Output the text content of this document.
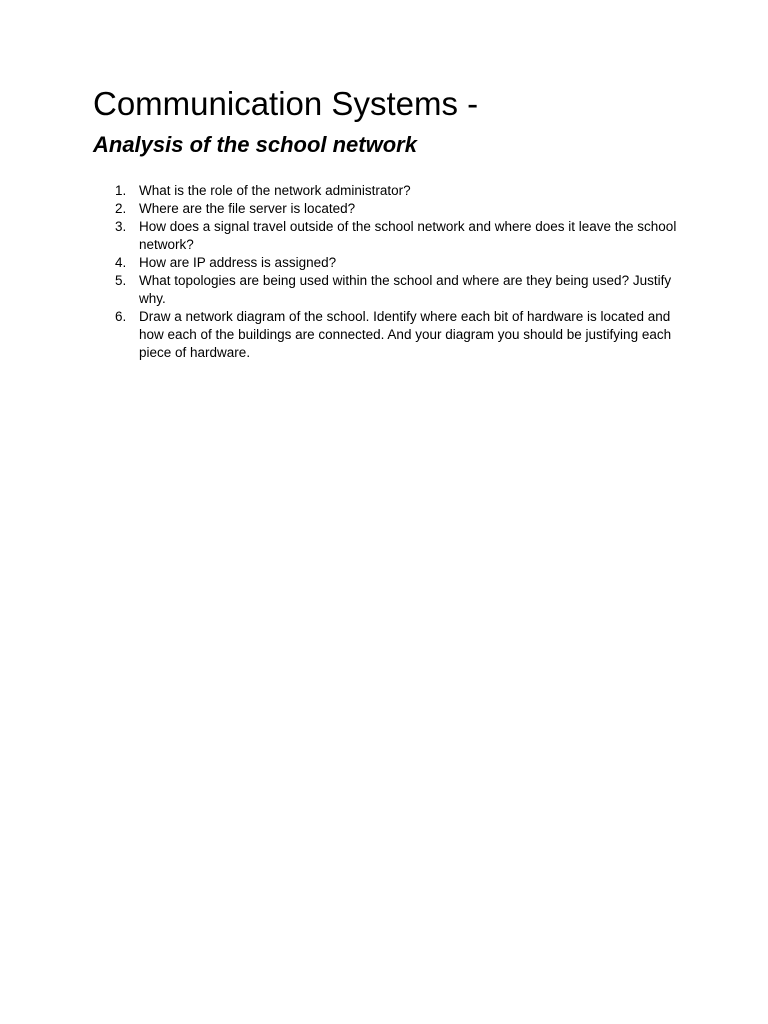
Communication Systems -
Analysis of the school network
1. What is the role of the network administrator?
2. Where are the file server is located?
3. How does a signal travel outside of the school network and where does it leave the school network?
4. How are IP address is assigned?
5. What topologies are being used within the school and where are they being used? Justify why.
6. Draw a network diagram of the school. Identify where each bit of hardware is located and how each of the buildings are connected. And your diagram you should be justifying each piece of hardware.
